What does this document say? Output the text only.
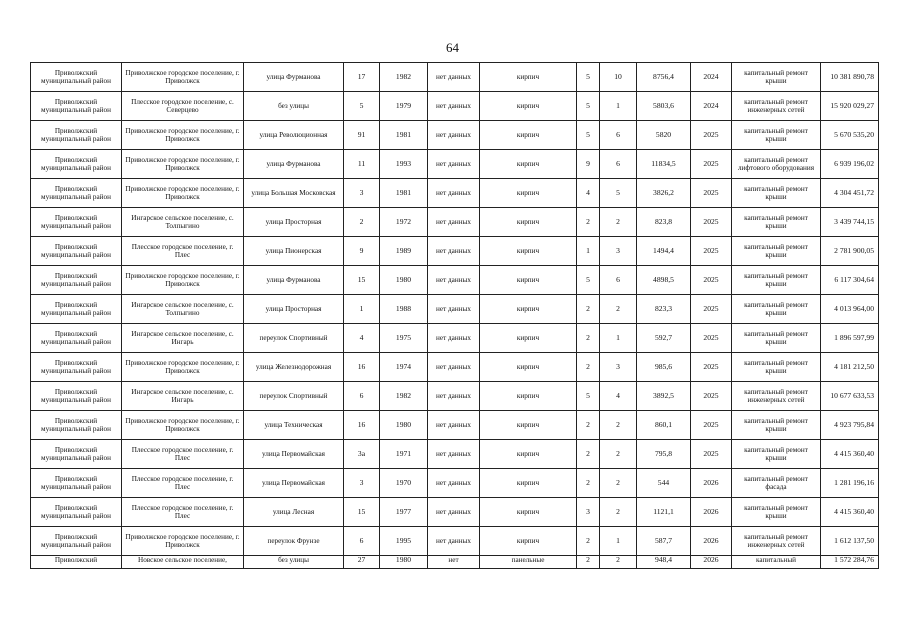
64
Приволжский муниципальный район	Приволжское городское поселение, г. Приволжск	улица Фурманова	17	1982	нет данных	кирпич	5	10	8756,4	2024	капитальный ремонт крыши	10 381 890,78
Приволжский муниципальный район	Плесское городское поселение, с. Северцево	без улицы	5	1979	нет данных	кирпич	5	1	5803,6	2024	капитальный ремонт инженерных сетей	15 920 029,27
Приволжский муниципальный район	Приволжское городское поселение, г. Приволжск	улица Революционная	91	1981	нет данных	кирпич	5	6	5820	2025	капитальный ремонт крыши	5 670 535,20
Приволжский муниципальный район	Приволжское городское поселение, г. Приволжск	улица Фурманова	11	1993	нет данных	кирпич	9	6	11834,5	2025	капитальный ремонт лифтового оборудования	6 939 196,02
Приволжский муниципальный район	Приволжское городское поселение, г. Приволжск	улица Большая Московская	3	1981	нет данных	кирпич	4	5	3826,2	2025	капитальный ремонт крыши	4 304 451,72
Приволжский муниципальный район	Ингарское сельское поселение, с. Толпыгино	улица Просторная	2	1972	нет данных	кирпич	2	2	823,8	2025	капитальный ремонт крыши	3 439 744,15
Приволжский муниципальный район	Плесское городское поселение, г. Плес	улица Пионерская	9	1989	нет данных	кирпич	1	3	1494,4	2025	капитальный ремонт крыши	2 781 900,05
Приволжский муниципальный район	Приволжское городское поселение, г. Приволжск	улица Фурманова	15	1980	нет данных	кирпич	5	6	4898,5	2025	капитальный ремонт крыши	6 117 304,64
Приволжский муниципальный район	Ингарское сельское поселение, с. Толпыгино	улица Просторная	1	1988	нет данных	кирпич	2	2	823,3	2025	капитальный ремонт крыши	4 013 964,00
Приволжский муниципальный район	Ингарское сельское поселение, с. Ингарь	переулок Спортивный	4	1975	нет данных	кирпич	2	1	592,7	2025	капитальный ремонт крыши	1 896 597,99
Приволжский муниципальный район	Приволжское городское поселение, г. Приволжск	улица Железнодорожная	16	1974	нет данных	кирпич	2	3	985,6	2025	капитальный ремонт крыши	4 181 212,50
Приволжский муниципальный район	Ингарское сельское поселение, с. Ингарь	переулок Спортивный	6	1982	нет данных	кирпич	5	4	3892,5	2025	капитальный ремонт инженерных сетей	10 677 633,53
Приволжский муниципальный район	Приволжское городское поселение, г. Приволжск	улица Техническая	16	1980	нет данных	кирпич	2	2	860,1	2025	капитальный ремонт крыши	4 923 795,84
Приволжский муниципальный район	Плесское городское поселение, г. Плес	улица Первомайская	3а	1971	нет данных	кирпич	2	2	795,8	2025	капитальный ремонт крыши	4 415 360,40
Приволжский муниципальный район	Плесское городское поселение, г. Плес	улица Первомайская	3	1970	нет данных	кирпич	2	2	544	2026	капитальный ремонт фасада	1 281 196,16
Приволжский муниципальный район	Плесское городское поселение, г. Плес	улица Лесная	15	1977	нет данных	кирпич	3	2	1121,1	2026	капитальный ремонт крыши	4 415 360,40
Приволжский муниципальный район	Приволжское городское поселение, г. Приволжск	переулок Фрунзе	6	1995	нет данных	кирпич	2	1	587,7	2026	капитальный ремонт инженерных сетей	1 612 137,50
Приволжский	Новское сельское поселение,	без улицы	27	1980	нет	панельные	2	2	948,4	2026	капитальный	1 572 284,76
